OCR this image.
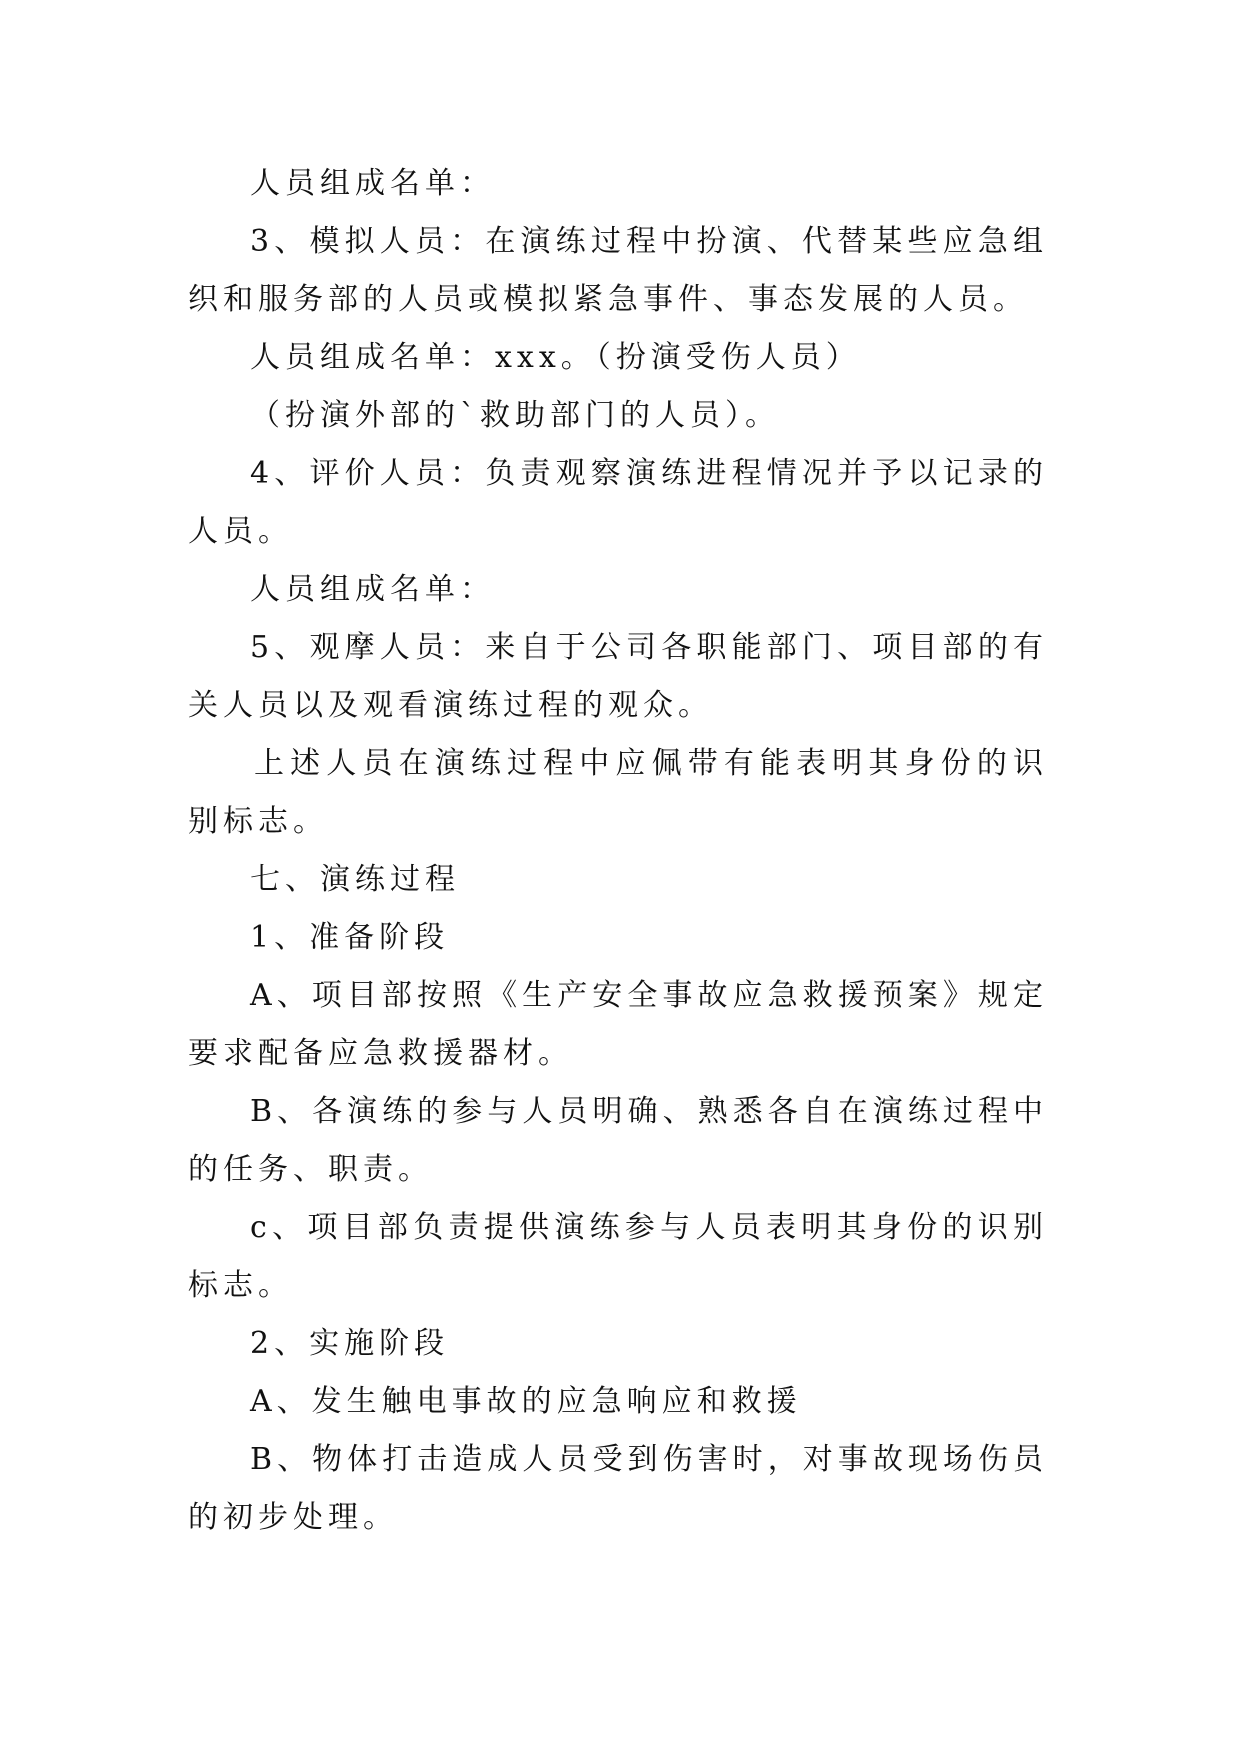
人员组成名单：

3、模拟人员：在演练过程中扮演、代替某些应急组织和服务部的人员或模拟紧急事件、事态发展的人员。

人员组成名单：xxx。（扮演受伤人员）

（扮演外部的`救助部门的人员）。

4、评价人员：负责观察演练进程情况并予以记录的人员。

人员组成名单：

5、观摩人员：来自于公司各职能部门、项目部的有关人员以及观看演练过程的观众。

上述人员在演练过程中应佩带有能表明其身份的识别标志。

七、演练过程

1、准备阶段

A、项目部按照《生产安全事故应急救援预案》规定要求配备应急救援器材。

B、各演练的参与人员明确、熟悉各自在演练过程中的任务、职责。

c、项目部负责提供演练参与人员表明其身份的识别标志。

2、实施阶段

A、发生触电事故的应急响应和救援

B、物体打击造成人员受到伤害时，对事故现场伤员的初步处理。
